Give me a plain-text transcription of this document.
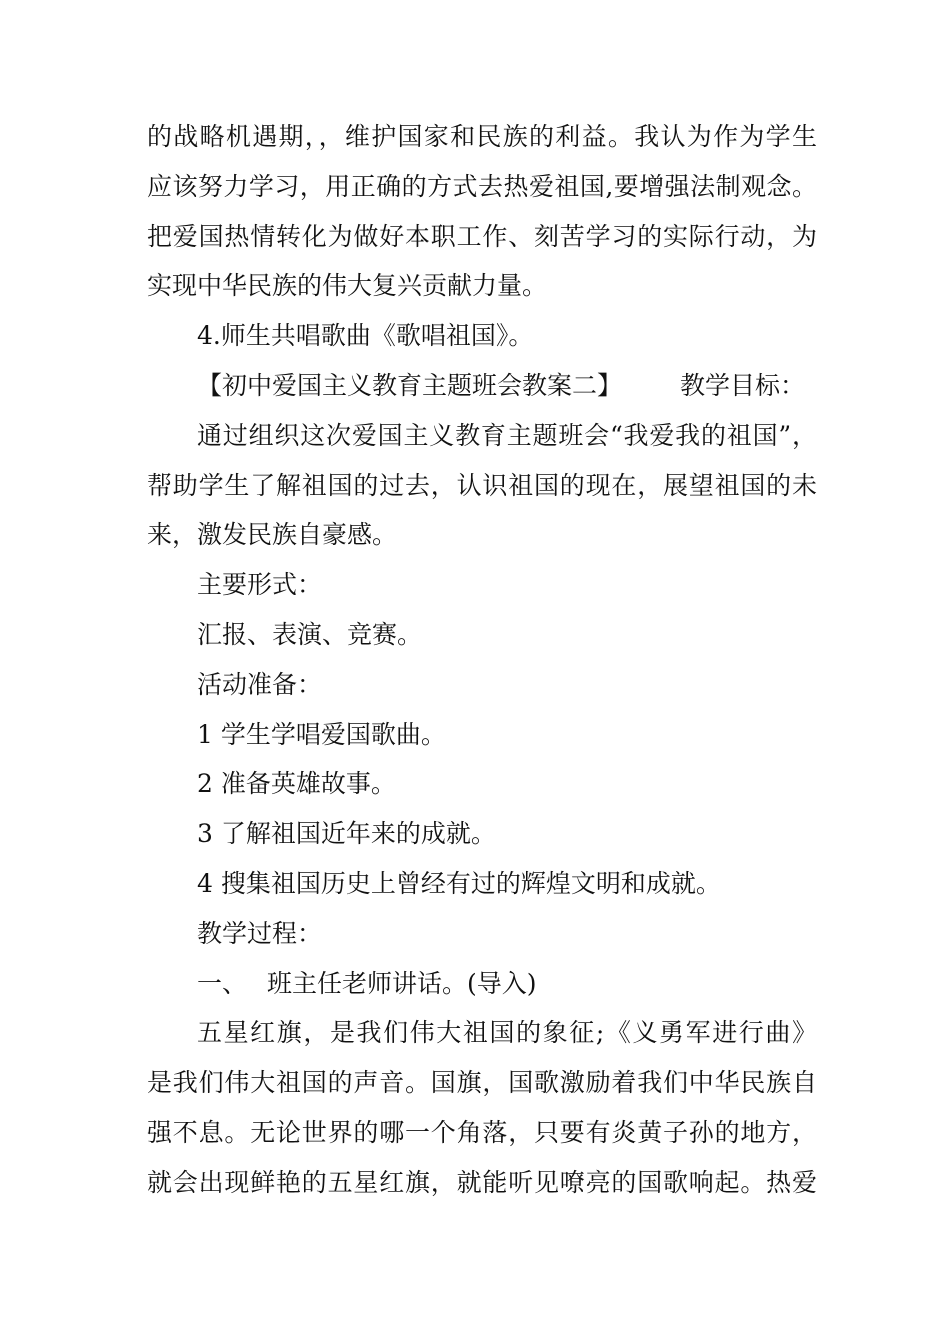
的战略机遇期，，维护国家和民族的利益。我认为作为学生
应该努力学习，用正确的方式去热爱祖国,要增强法制观念。
把爱国热情转化为做好本职工作、刻苦学习的实际行动，为
实现中华民族的伟大复兴贡献力量。
4.师生共唱歌曲《歌唱祖国》。
【初中爱国主义教育主题班会教案二】 教学目标：
通过组织这次爱国主义教育主题班会“我爱我的祖国”，
帮助学生了解祖国的过去，认识祖国的现在，展望祖国的未
来，激发民族自豪感。
主要形式：
汇报、表演、竞赛。
活动准备：
1 学生学唱爱国歌曲。
2 准备英雄故事。
3 了解祖国近年来的成就。
4 搜集祖国历史上曾经有过的辉煌文明和成就。
教学过程：
一、 班主任老师讲话。(导入)
五星红旗，是我们伟大祖国的象征;《义勇军进行曲》
是我们伟大祖国的声音。国旗，国歌激励着我们中华民族自
强不息。无论世界的哪一个角落，只要有炎黄子孙的地方，
就会出现鲜艳的五星红旗，就能听见嘹亮的国歌响起。热爱
